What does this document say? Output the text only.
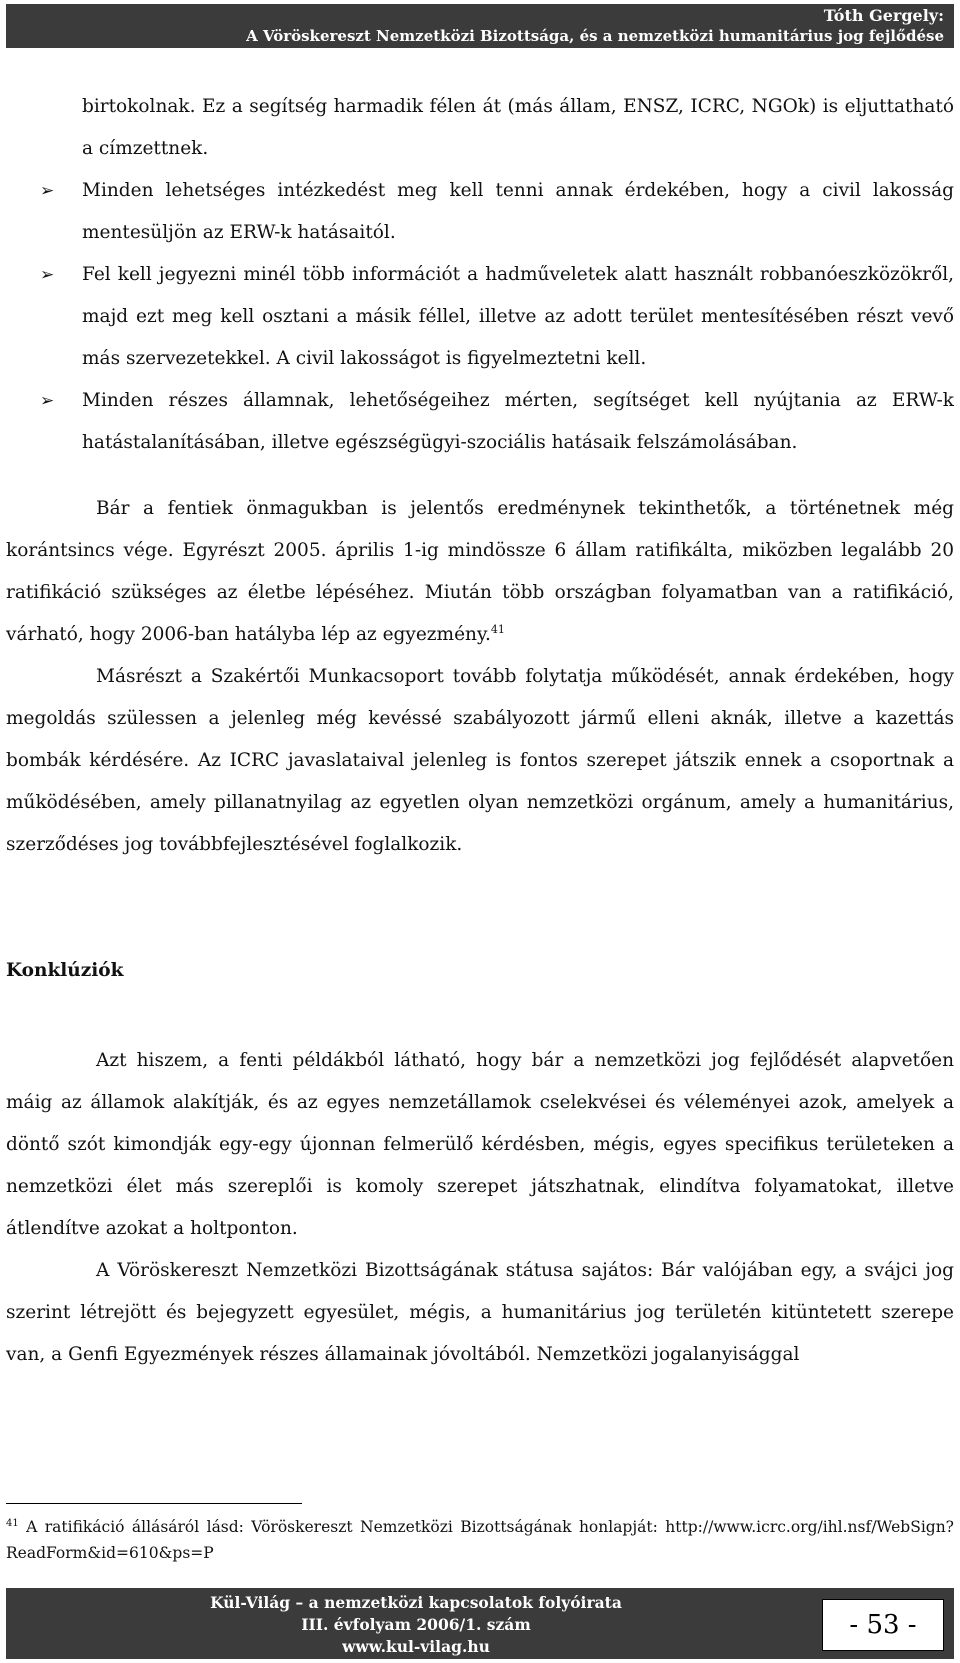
Tóth Gergely:
A Vöröskereszt Nemzetközi Bizottsága, és a nemzetközi humanitárius jog fejlődése

birtokolnak. Ez a segítség harmadik félen át (más állam, ENSZ, ICRC, NGOk) is eljuttatható a címzettnek.

➢ Minden lehetséges intézkedést meg kell tenni annak érdekében, hogy a civil lakosság mentesüljön az ERW-k hatásaitól.
➢ Fel kell jegyezni minél több információt a hadműveletek alatt használt robbanóeszközökről, majd ezt meg kell osztani a másik féllel, illetve az adott terület mentesítésében részt vevő más szervezetekkel. A civil lakosságot is figyelmeztetni kell.
➢ Minden részes államnak, lehetőségeihez mérten, segítséget kell nyújtania az ERW-k hatástalanításában, illetve egészségügyi-szociális hatásaik felszámolásában.

Bár a fentiek önmagukban is jelentős eredménynek tekinthetők, a történetnek még korántsincs vége. Egyrészt 2005. április 1-ig mindössze 6 állam ratifikálta, miközben legalább 20 ratifikáció szükséges az életbe lépéséhez. Miután több országban folyamatban van a ratifikáció, várható, hogy 2006-ban hatályba lép az egyezmény.$^{41}$

Másrészt a Szakértői Munkacsoport tovább folytatja működését, annak érdekében, hogy megoldás szülessen a jelenleg még kevéssé szabályozott jármű elleni aknák, illetve a kazettás bombák kérdésére. Az ICRC javaslataival jelenleg is fontos szerepet játszik ennek a csoportnak a működésében, amely pillanatnyilag az egyetlen olyan nemzetközi orgánum, amely a humanitárius, szerződéses jog továbbfejlesztésével foglalkozik.

Konklúziók

Azt hiszem, a fenti példákból látható, hogy bár a nemzetközi jog fejlődését alapvetően máig az államok alakítják, és az egyes nemzetállamok cselekvései és véleményei azok, amelyek a döntő szót kimondják egy-egy újonnan felmerülő kérdésben, mégis, egyes specifikus területeken a nemzetközi élet más szereplői is komoly szerepet játszhatnak, elindítva folyamatokat, illetve átlendítve azokat a holtponton.

A Vöröskereszt Nemzetközi Bizottságának státusa sajátos: Bár valójában egy, a svájci jog szerint létrejött és bejegyzett egyesület, mégis, a humanitárius jog területén kitüntetett szerepe van, a Genfi Egyezmények részes államainak jóvoltából. Nemzetközi jogalanyisággal

$^{41}$ A ratifikáció állásáról lásd: Vöröskereszt Nemzetközi Bizottságának honlapját: http://www.icrc.org/ihl.nsf/WebSign?ReadForm&id=610&ps=P
Kül-Világ – a nemzetközi kapcsolatok folyóirata
III. évfolyam 2006/1. szám
www.kul-vilag.hu
- 53 -
